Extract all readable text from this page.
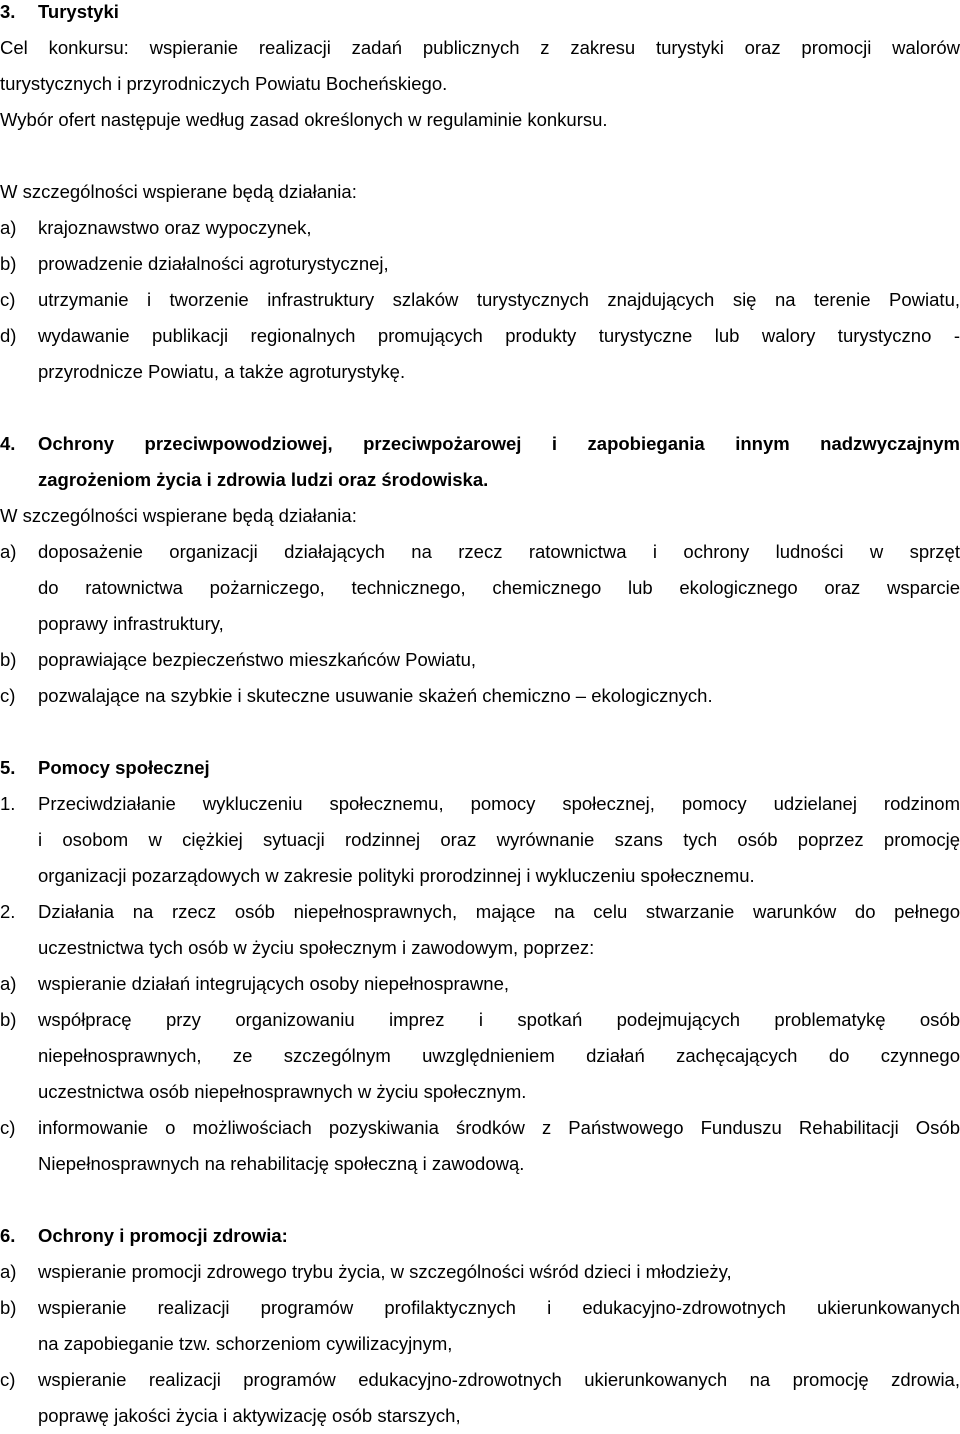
3. Turystyki
Cel konkursu: wspieranie realizacji zadań publicznych z zakresu turystyki oraz promocji walorów
turystycznych i przyrodniczych Powiatu Bocheńskiego.
Wybór ofert następuje według zasad określonych w regulaminie konkursu.
W szczególności wspierane będą działania:
a)	krajoznawstwo oraz wypoczynek,
b)	prowadzenie działalności agroturystycznej,
c)	utrzymanie i tworzenie infrastruktury szlaków turystycznych znajdujących się na terenie Powiatu,
d)	wydawanie publikacji regionalnych promujących produkty turystyczne lub walory turystyczno -
przyrodnicze Powiatu, a także agroturystykę.
4.	Ochrony przeciwpowodziowej, przeciwpożarowej i zapobiegania innym nadzwyczajnym
zagrożeniom życia i zdrowia ludzi oraz środowiska.
W szczególności wspierane będą działania:
a)	doposażenie organizacji działających na rzecz ratownictwa i ochrony ludności w sprzęt
do ratownictwa pożarniczego, technicznego, chemicznego lub ekologicznego oraz wsparcie
poprawy infrastruktury,
b)	poprawiające bezpieczeństwo mieszkańców Powiatu,
c)	pozwalające na szybkie i skuteczne usuwanie skażeń chemiczno – ekologicznych.
5. Pomocy społecznej
1.	Przeciwdziałanie wykluczeniu społecznemu, pomocy społecznej, pomocy udzielanej rodzinom
i osobom w ciężkiej sytuacji rodzinnej oraz wyrównanie szans tych osób poprzez promocję
organizacji pozarządowych w zakresie polityki prorodzinnej i wykluczeniu społecznemu.
2.	Działania na rzecz osób niepełnosprawnych, mające na celu stwarzanie warunków do pełnego
uczestnictwa tych osób w życiu społecznym i zawodowym, poprzez:
a)	wspieranie działań integrujących osoby niepełnosprawne,
b)	współpracę przy organizowaniu imprez i spotkań podejmujących problematykę osób
niepełnosprawnych, ze szczególnym uwzględnieniem działań zachęcających do czynnego
uczestnictwa osób niepełnosprawnych w życiu społecznym.
c)	informowanie o możliwościach pozyskiwania środków z Państwowego Funduszu Rehabilitacji Osób
Niepełnosprawnych na rehabilitację społeczną i zawodową.
6. Ochrony i promocji zdrowia:
a)	wspieranie promocji zdrowego trybu życia, w szczególności wśród dzieci i młodzieży,
b)	wspieranie realizacji programów profilaktycznych i edukacyjno-zdrowotnych ukierunkowanych
na zapobieganie tzw. schorzeniom cywilizacyjnym,
c)	wspieranie realizacji programów edukacyjno-zdrowotnych ukierunkowanych na promocję zdrowia,
poprawę jakości życia i aktywizację osób starszych,
